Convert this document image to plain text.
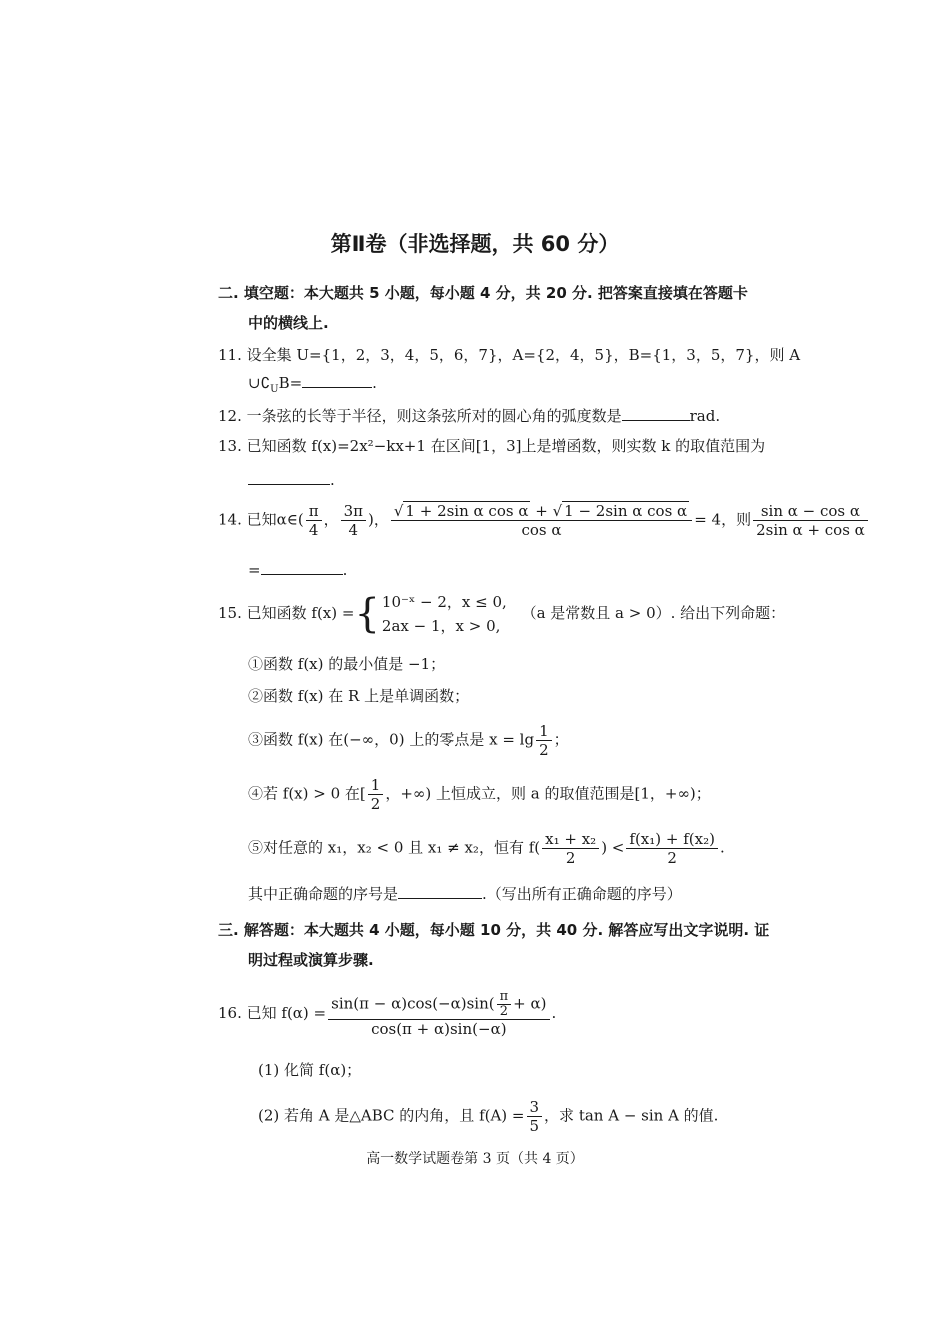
第Ⅱ卷（非选择题，共 60 分）
二. 填空题：本大题共 5 小题，每小题 4 分，共 20 分. 把答案直接填在答题卡
中的横线上.
11. 设全集 U={1，2，3，4，5，6，7}，A={2，4，5}，B={1，3，5，7}，则 A
$\cup∁_UB=$	.
12. 一条弦的长等于半径，则这条弦所对的圆心角的弧度数是	rad.
13. 已知函数 f(x)=2x²−kx+1 在区间[1，3]上是增函数，则实数 k 的取值范围为
.
14. 已知α∈( $\frac{\pi}{4}$ ， $\frac{3\pi}{4}$ )， $\frac{\text{√ 1 + 2sin α cos α + √ 1 − 2sin α cos α}}{\text{cos α}} = 4$，则 $\frac{\text{sin α − cos α}}{\text{2sin α + cos α}}$
=	.
15. 已知函数 f(x) ={ 10⁻ˣ − 2，x ≤ 0,
2ax − 1，x > 0,
（a 是常数且 a > 0）. 给出下列命题：
①函数 f(x) 的最小值是 −1；
②函数 f(x) 在 R 上是单调函数；
③函数 f(x) 在(−∞，0) 上的零点是 $x = \lg \frac{1}{2}$ ；
④若 f(x) > 0 在[ $\frac{1}{2}$ ，+∞) 上恒成立，则 a 的取值范围是[1，+∞)；
⑤对任意的 x₁，x₂ < 0 且 x₁ ≠ x₂，恒有 $f( \frac{\text{x₁ + x₂}}{2}$ ) < $\frac{\text{f(x₁) + f(x₂)}}{2}$ .
其中正确命题的序号是	.（写出所有正确命题的序号）
三. 解答题：本大题共 4 小题，每小题 10 分，共 40 分. 解答应写出文字说明. 证
明过程或演算步骤.
16. 已知 $f(\alpha) = \frac{\sin(\pi - \alpha)\cos(-\alpha)\sin( \frac{\pi}{2} + \alpha)}{\cos(\pi + \alpha)\sin(-\alpha)}$ .
(1) 化简 f(α)；
(2) 若角 A 是△ABC 的内角，且 $f(A) = \frac{3}{5}$ ，求 tan A − sin A 的值.
高一数学试题卷第 3 页（共 4 页）
